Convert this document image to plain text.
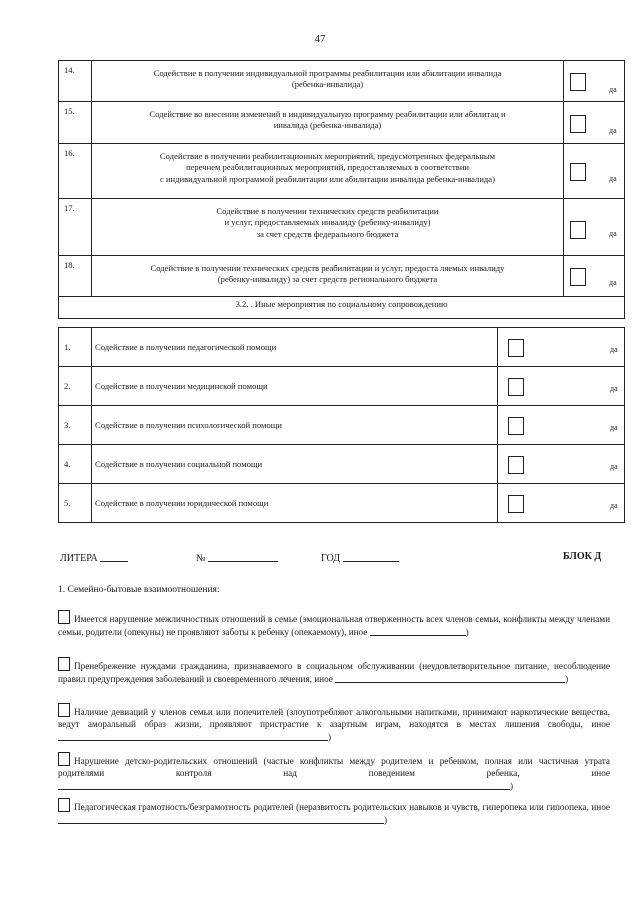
47
14.	Содействие в получении индивидуальной программы реабилитации или абилитации инвалида
(ребенка-инвалида)	да

15.	Содействие во внесении изменений в индивидуальную программу реабилитации или абилитац и
инвалида (ребенка-инвалида)	да

16.	Содействие в получении реабилитационных мероприятий, предусмотренных федеральным
перечнем реабилитационных мероприятий, предоставляемых в соответствии
с индивидуальной программой реабилитации или абилитации инвалида ребенка-инвалида)	да

17.	Содействие в получении технических средств реабилитации
и услуг, предоставляемых инвалиду (ребенку-инвалиду)
за счет средств федерального бюджета	да

18.	Содействие в получении технических средств реабилитации и услуг, предоста ляемых инвалиду
(ребенку-инвалиду) за счет средств регионального бюджета	да

3.2. . Иные мероприятия по социальному сопровождению		
1.	Содействие в получении педагогической помощи	да

2.	Содействие в получении медицинской помощи	да

3.	Содействие в получении психологической помощи	да

4.	Содействие в получении социальной помощи	да

5.	Содействие в получении юридической помощи	да
ЛИТЕРА	№	ГОД	БЛОК Д
1. Семейно-бытовые взаимоотношения:
Имеется нарушение межличностных отношений в семье (эмоциональная отверженность всех членов семьи, конфликты между членами семьи, родители (опекуны) не проявляют заботы к ребенку (опекаемому), иное	)
Пренебрежение нуждами гражданина, признаваемого в социальном обслуживании (неудовлетворительное питание, несоблюдение правил предупреждения заболеваний и своевременного лечения, иное	)
Наличие девиаций у членов семьи или попечителей (злоупотребляют алкогольными напитками, принимают наркотические вещества, ведут аморальный образ жизни, проявляют пристрастие к азартным играм, находятся в местах лишения свободы, иное )
Нарушение детско-родительских отношений (частые конфликты между родителем и ребенком, полная или частичная утрата родителями контроля над поведением ребенка, иное )
Педагогическая грамотность/безграмотность родителей (неразвитость родительских навыков и чувств, гиперопека или гипоопека, иное )
